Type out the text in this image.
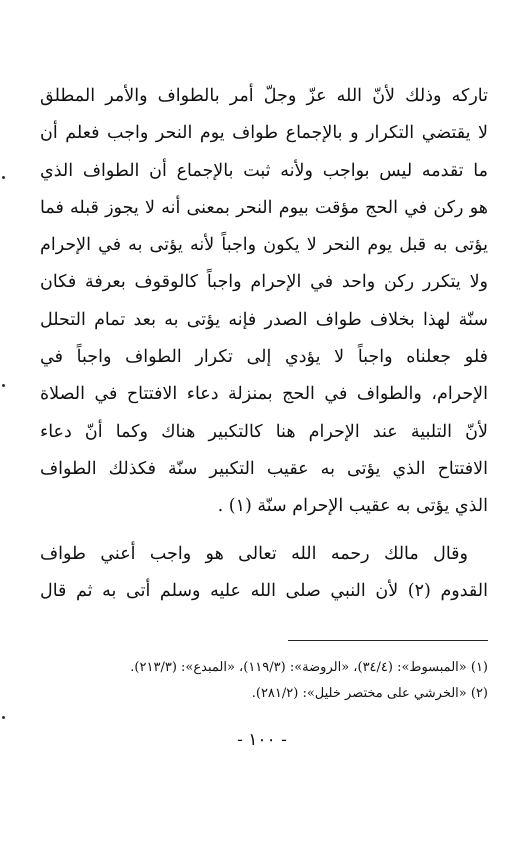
تاركه وذلك لأنّ الله عزّ وجلّ أمر بالطواف والأمر المطلق
لا يقتضي التكرار و بالإجماع طواف يوم النحر واجب فعلم أن
ما تقدمه ليس بواجب ولأنه ثبت بالإجماع أن الطواف الذي
هو ركن في الحج مؤقت بيوم النحر بمعنى أنه لا يجوز قبله فما
يؤتى به قبل يوم النحر لا يكون واجباً لأنه يؤتى به في الإحرام
ولا يتكرر ركن واحد في الإحرام واجباً كالوقوف بعرفة فكان
سنّة لهذا بخلاف طواف الصدر فإنه يؤتى به بعد تمام التحلل
فلو جعلناه واجباً لا يؤدي إلى تكرار الطواف واجباً في
الإحرام، والطواف في الحج بمنزلة دعاء الافتتاح في الصلاة
لأنّ التلبية عند الإحرام هنا كالتكبير هناك وكما أنّ دعاء
الافتتاح الذي يؤتى به عقيب التكبير سنّة فكذلك الطواف
الذي يؤتى به عقيب الإحرام سنّة (١) .
وقال مالك رحمه الله تعالى هو واجب أعني طواف
القدوم (٢) لأن النبي صلى الله عليه وسلم أتى به ثم قال
(١) «المبسوط»: (٣٤/٤)، «الروضة»: (١١٩/٣)، «المبدع»: (٢١٣/٣).
(٢) «الخرشي على مختصر خليل»: (٢٨١/٢).
- ١٠٠ -
